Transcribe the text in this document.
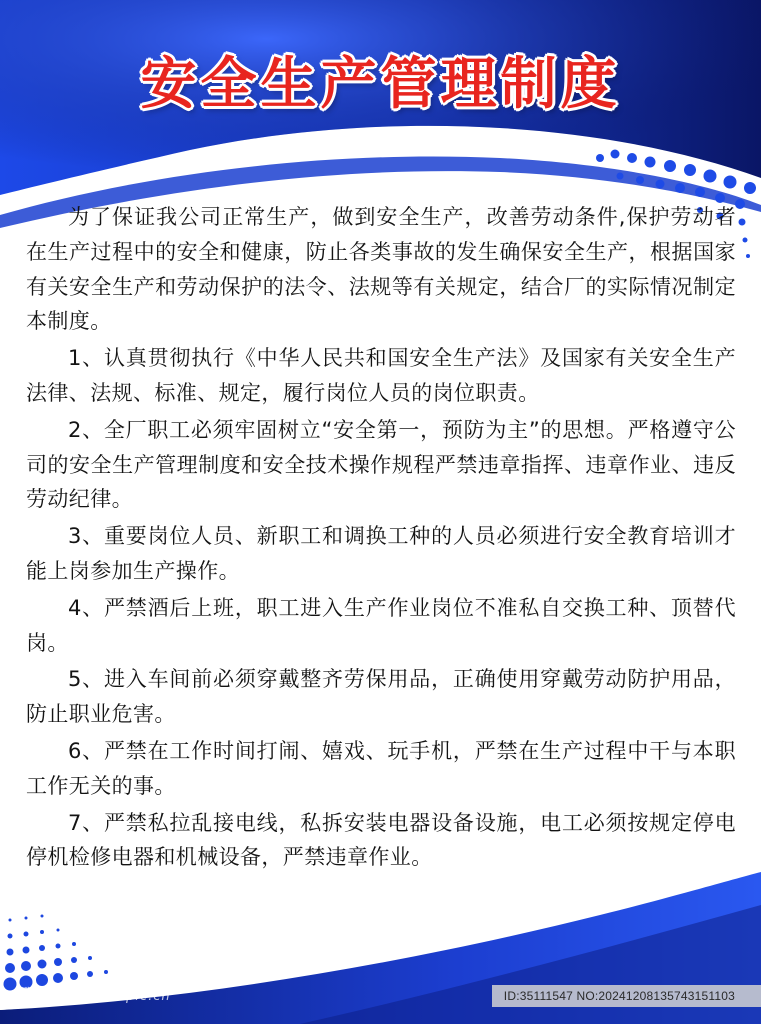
安全生产管理制度

为了保证我公司正常生产，做到安全生产，改善劳动条件,保护劳动者在生产过程中的安全和健康，防止各类事故的发生确保安全生产，根据国家有关安全生产和劳动保护的法令、法规等有关规定，结合厂的实际情况制定本制度。

1、认真贯彻执行《中华人民共和国安全生产法》及国家有关安全生产法律、法规、标准、规定，履行岗位人员的岗位职责。

2、全厂职工必须牢固树立“安全第一，预防为主”的思想。严格遵守公司的安全生产管理制度和安全技术操作规程严禁违章指挥、违章作业、违反劳动纪律。

3、重要岗位人员、新职工和调换工种的人员必须进行安全教育培训才能上岗参加生产操作。

4、严禁酒后上班，职工进入生产作业岗位不准私自交换工种、顶替代岗。

5、进入车间前必须穿戴整齐劳保用品，正确使用穿戴劳动防护用品，防止职业危害。

6、严禁在工作时间打闹、嬉戏、玩手机，严禁在生产过程中干与本职工作无关的事。

7、严禁私拉乱接电线，私拆安装电器设备设施，电工必须按规定停电停机检修电器和机械设备，严禁违章作业。

昵图网 www.nipic.cn	ID:35111547 NO:20241208135743151103
